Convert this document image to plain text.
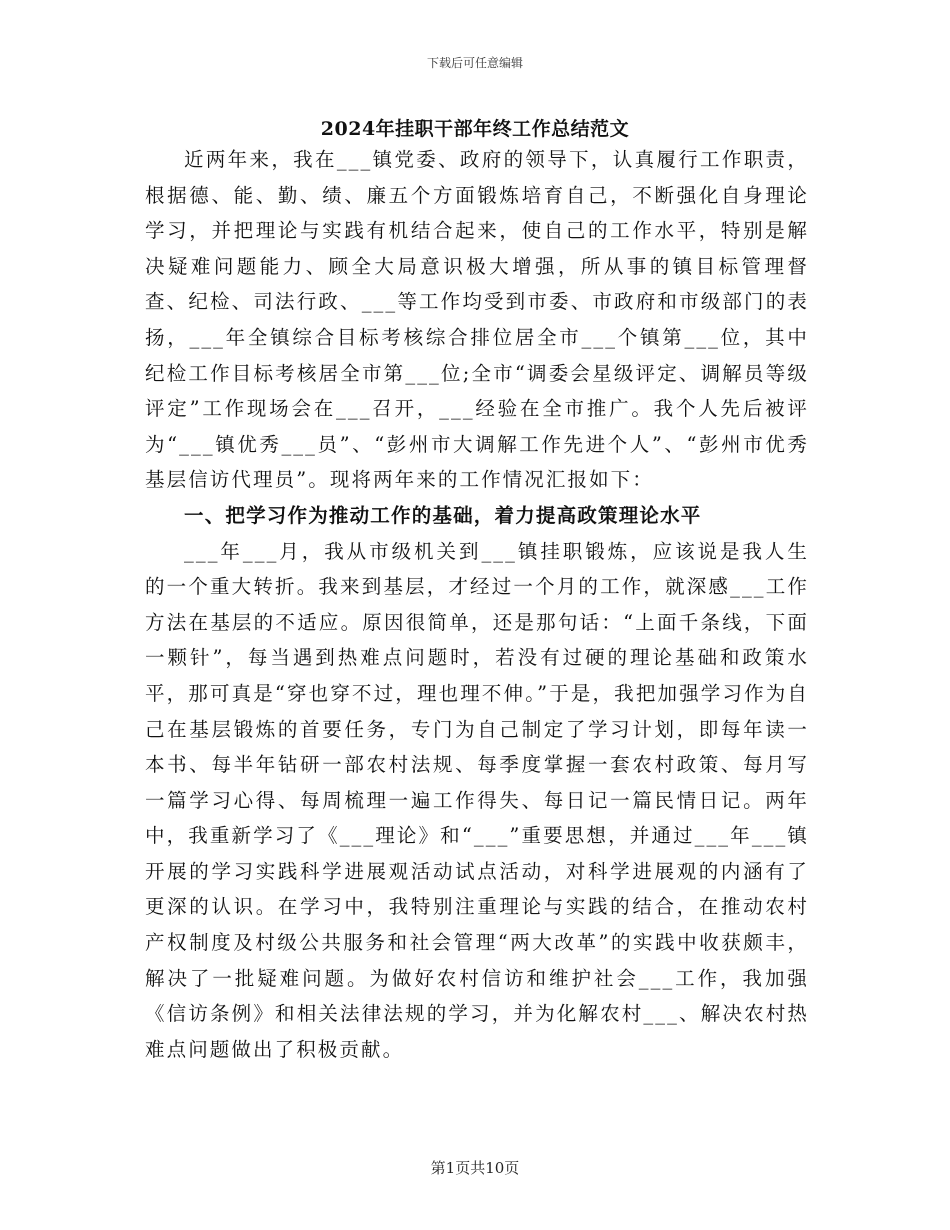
下载后可任意编辑
2024年挂职干部年终工作总结范文

近两年来，我在___镇党委、政府的领导下，认真履行工作职责，根据德、能、勤、绩、廉五个方面锻炼培育自己，不断强化自身理论学习，并把理论与实践有机结合起来，使自己的工作水平，特别是解决疑难问题能力、顾全大局意识极大增强，所从事的镇目标管理督查、纪检、司法行政、___等工作均受到市委、市政府和市级部门的表扬，___年全镇综合目标考核综合排位居全市___个镇第___位，其中纪检工作目标考核居全市第___位;全市“调委会星级评定、调解员等级评定”工作现场会在___召开，___经验在全市推广。我个人先后被评为“___镇优秀___员”、“彭州市大调解工作先进个人”、“彭州市优秀基层信访代理员”。现将两年来的工作情况汇报如下：

一、把学习作为推动工作的基础，着力提高政策理论水平

___年___月，我从市级机关到___镇挂职锻炼，应该说是我人生的一个重大转折。我来到基层，才经过一个月的工作，就深感___工作方法在基层的不适应。原因很简单，还是那句话：“上面千条线，下面一颗针”，每当遇到热难点问题时，若没有过硬的理论基础和政策水平，那可真是“穿也穿不过，理也理不伸。”于是，我把加强学习作为自己在基层锻炼的首要任务，专门为自己制定了学习计划，即每年读一本书、每半年钻研一部农村法规、每季度掌握一套农村政策、每月写一篇学习心得、每周梳理一遍工作得失、每日记一篇民情日记。两年中，我重新学习了《___理论》和“___”重要思想，并通过___年___镇开展的学习实践科学进展观活动试点活动，对科学进展观的内涵有了更深的认识。在学习中，我特别注重理论与实践的结合，在推动农村产权制度及村级公共服务和社会管理“两大改革”的实践中收获颇丰，解决了一批疑难问题。为做好农村信访和维护社会___工作，我加强《信访条例》和相关法律法规的学习，并为化解农村___、解决农村热难点问题做出了积极贡献。

第1页共10页
